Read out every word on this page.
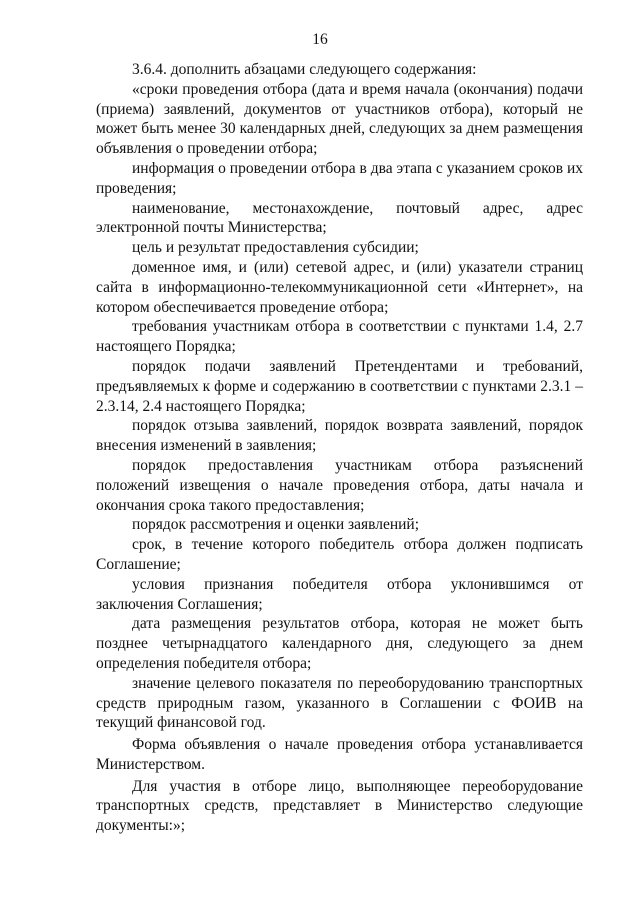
16

3.6.4. дополнить абзацами следующего содержания:

«сроки проведения отбора (дата и время начала (окончания) подачи (приема) заявлений, документов от участников отбора), который не может быть менее 30 календарных дней, следующих за днем размещения объявления о проведении отбора;

информация о проведении отбора в два этапа с указанием сроков их проведения;

наименование, местонахождение, почтовый адрес, адрес электронной почты Министерства;

цель и результат предоставления субсидии;

доменное имя, и (или) сетевой адрес, и (или) указатели страниц сайта в информационно-телекоммуникационной сети «Интернет», на котором обеспечивается проведение отбора;

требования участникам отбора в соответствии с пунктами 1.4, 2.7 настоящего Порядка;

порядок подачи заявлений Претендентами и требований, предъявляемых к форме и содержанию в соответствии с пунктами 2.3.1 – 2.3.14, 2.4 настоящего Порядка;

порядок отзыва заявлений, порядок возврата заявлений, порядок внесения изменений в заявления;

порядок предоставления участникам отбора разъяснений положений извещения о начале проведения отбора, даты начала и окончания срока такого предоставления;

порядок рассмотрения и оценки заявлений;

срок, в течение которого победитель отбора должен подписать Соглашение;

условия признания победителя отбора уклонившимся от заключения Соглашения;

дата размещения результатов отбора, которая не может быть позднее четырнадцатого календарного дня, следующего за днем определения победителя отбора;

значение целевого показателя по переоборудованию транспортных средств природным газом, указанного в Соглашении с ФОИВ на текущий финансовой год.

Форма объявления о начале проведения отбора устанавливается Министерством.

Для участия в отборе лицо, выполняющее переоборудование транспортных средств, представляет в Министерство следующие документы:»;
